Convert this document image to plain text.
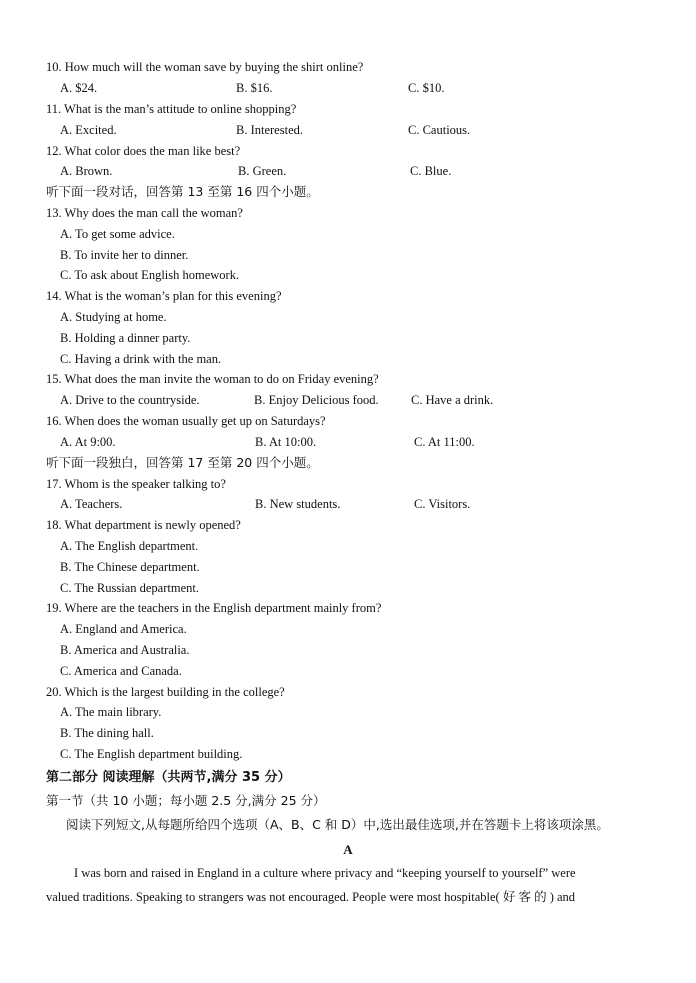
10. How much will the woman save by buying the shirt online?
A. $24.	B. $16.	C. $10.
11. What is the man’s attitude to online shopping?
A. Excited.	B. Interested.	C. Cautious.
12. What color does the man like best?
A. Brown.	B. Green.	C. Blue.
听下面一段对话，回答第 13 至第 16 四个小题。
13. Why does the man call the woman?
A. To get some advice.
B. To invite her to dinner.
C. To ask about English homework.
14. What is the woman’s plan for this evening?
A. Studying at home.
B. Holding a dinner party.
C. Having a drink with the man.
15. What does the man invite the woman to do on Friday evening?
A. Drive to the countryside.	B. Enjoy Delicious food.	C. Have a drink.
16. When does the woman usually get up on Saturdays?
A. At 9:00.	B. At 10:00.	C. At 11:00.
听下面一段独白，回答第 17 至第 20 四个小题。
17. Whom is the speaker talking to?
A. Teachers.	B. New students.	C. Visitors.
18. What department is newly opened?
A. The English department.
B. The Chinese department.
C. The Russian department.
19. Where are the teachers in the English department mainly from?
A. England and America.
B. America and Australia.
C. America and Canada.
20. Which is the largest building in the college?
A. The main library.
B. The dining hall.
C. The English department building.
第二部分 阅读理解（共两节,满分 35 分）
第一节（共 10 小题；每小题 2.5 分,满分 25 分）
阅读下列短文,从每题所给四个选项（A、B、C 和 D）中,选出最佳选项,并在答题卡上将该项涂黑。
A
I was born and raised in England in a culture where privacy and “keeping yourself to yourself” were
valued traditions. Speaking to strangers was not encouraged. People were most hospitable( 好 客 的 ) and
